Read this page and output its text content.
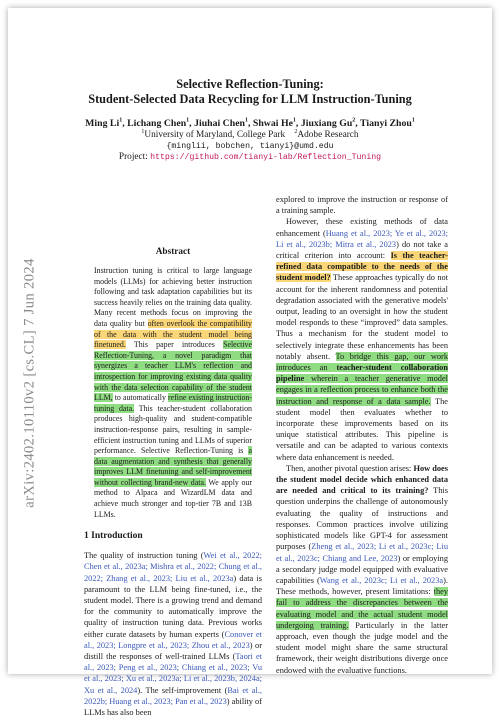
arXiv:2402.10110v2 [cs.CL] 7 Jun 2024
Selective Reflection-Tuning:
Student-Selected Data Recycling for LLM Instruction-Tuning
Ming Li$^1$, Lichang Chen$^1$, Jiuhai Chen$^1$, Shwai He$^1$, Jiuxiang Gu$^2$, Tianyi Zhou$^1$
$^1$University of Maryland, College Park $^2$Adobe Research
{minglii, bobchen, tianyi}@umd.edu
Project: https://github.com/tianyi-lab/Reflection_Tuning
Abstract
Instruction tuning is critical to large language models (LLMs) for achieving better instruction following and task adaptation capabilities but its success heavily relies on the training data quality. Many recent methods focus on improving the data quality but often overlook the compatibility of the data with the student model being finetuned. This paper introduces Selective Reflection-Tuning, a novel paradigm that synergizes a teacher LLM's reflection and introspection for improving existing data quality with the data selection capability of the student LLM, to automatically refine existing instruction-tuning data. This teacher-student collaboration produces high-quality and student-compatible instruction-response pairs, resulting in sample-efficient instruction tuning and LLMs of superior performance. Selective Reflection-Tuning is a data augmentation and synthesis that generally improves LLM finetuning and self-improvement without collecting brand-new data. We apply our method to Alpaca and WizardLM data and achieve much stronger and top-tier 7B and 13B LLMs.
1 Introduction

The quality of instruction tuning (Wei et al., 2022; Chen et al., 2023a; Mishra et al., 2022; Chung et al., 2022; Zhang et al., 2023; Liu et al., 2023a) data is paramount to the LLM being fine-tuned, i.e., the student model. There is a growing trend and demand for the community to automatically improve the quality of instruction tuning data. Previous works either curate datasets by human experts (Conover et al., 2023; Longpre et al., 2023; Zhou et al., 2023) or distill the responses of well-trained LLMs (Taori et al., 2023; Peng et al., 2023; Chiang et al., 2023; Vu et al., 2023; Xu et al., 2023a; Li et al., 2023b, 2024a; Xu et al., 2024). The self-improvement (Bai et al., 2022b; Huang et al., 2023; Pan et al., 2023) ability of LLMs has also been

explored to improve the instruction or response of a training sample.

However, these existing methods of data enhancement (Huang et al., 2023; Ye et al., 2023; Li et al., 2023b; Mitra et al., 2023) do not take a critical criterion into account: Is the teacher-refined data compatible to the needs of the student model? These approaches typically do not account for the inherent randomness and potential degradation associated with the generative models' output, leading to an oversight in how the student model responds to these “improved” data samples. Thus a mechanism for the student model to selectively integrate these enhancements has been notably absent. To bridge this gap, our work introduces an teacher-student collaboration pipeline wherein a teacher generative model engages in a reflection process to enhance both the instruction and response of a data sample. The student model then evaluates whether to incorporate these improvements based on its unique statistical attributes. This pipeline is versatile and can be adapted to various contexts where data enhancement is needed.

Then, another pivotal question arises: How does the student model decide which enhanced data are needed and critical to its training? This question underpins the challenge of autonomously evaluating the quality of instructions and responses. Common practices involve utilizing sophisticated models like GPT-4 for assessment purposes (Zheng et al., 2023; Li et al., 2023c; Liu et al., 2023c; Chiang and Lee, 2023) or employing a secondary judge model equipped with evaluative capabilities (Wang et al., 2023c; Li et al., 2023a). These methods, however, present limitations: they fail to address the discrepancies between the evaluating model and the actual student model undergoing training. Particularly in the latter approach, even though the judge model and the student model might share the same structural framework, their weight distributions diverge once endowed with the evaluative functions.
